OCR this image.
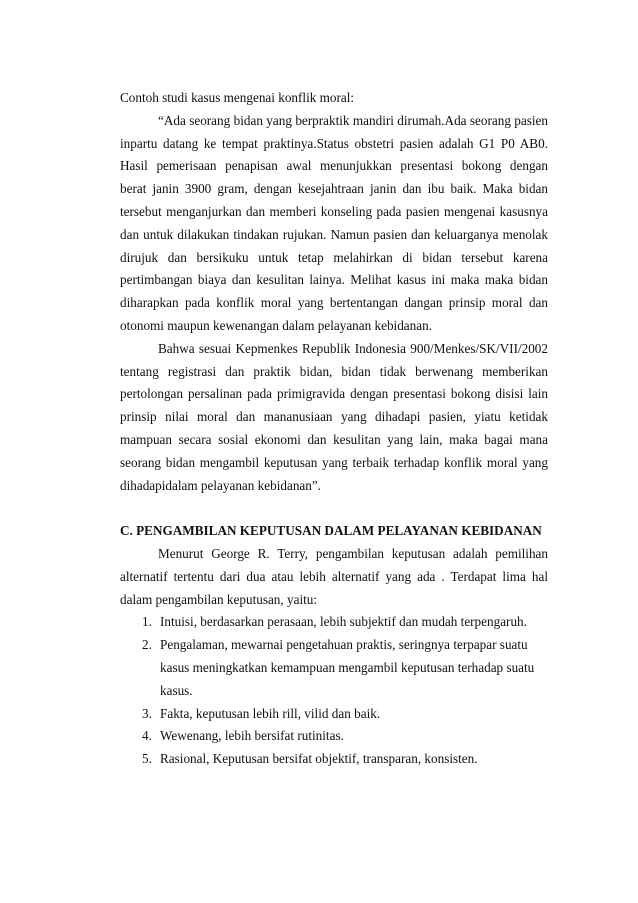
Contoh studi kasus mengenai konflik moral:
“Ada seorang bidan yang berpraktik mandiri dirumah.Ada seorang pasien
inpartu datang ke tempat praktinya.Status obstetri pasien adalah G1 P0 AB0.
Hasil pemerisaan penapisan awal menunjukkan presentasi bokong dengan
berat janin 3900 gram, dengan kesejahtraan janin dan ibu baik. Maka bidan
tersebut menganjurkan dan memberi konseling pada pasien mengenai kasusnya
dan untuk dilakukan tindakan rujukan. Namun pasien dan keluarganya menolak
dirujuk dan bersikuku untuk tetap melahirkan di bidan tersebut karena
pertimbangan biaya dan kesulitan lainya. Melihat kasus ini maka maka bidan
diharapkan pada konflik moral yang bertentangan dangan prinsip moral dan
otonomi maupun kewenangan dalam pelayanan kebidanan.
Bahwa sesuai Kepmenkes Republik Indonesia 900/Menkes/SK/VII/2002
tentang registrasi dan praktik bidan, bidan tidak berwenang memberikan
pertolongan persalinan pada primigravida dengan presentasi bokong disisi lain
prinsip nilai moral dan mananusiaan yang dihadapi pasien, yiatu ketidak
mampuan secara sosial ekonomi dan kesulitan yang lain, maka bagai mana
seorang bidan mengambil keputusan yang terbaik terhadap konflik moral yang
dihadapidalam pelayanan kebidanan”.
C. PENGAMBILAN KEPUTUSAN DALAM PELAYANAN KEBIDANAN
Menurut George R. Terry, pengambilan keputusan adalah pemilihan
alternatif tertentu dari dua atau lebih alternatif yang ada . Terdapat lima hal
dalam pengambilan keputusan, yaitu:
1. Intuisi, berdasarkan perasaan, lebih subjektif dan mudah terpengaruh.
2. Pengalaman, mewarnai pengetahuan praktis, seringnya terpapar suatu
kasus meningkatkan kemampuan mengambil keputusan terhadap suatu
kasus.
3. Fakta, keputusan lebih rill, vilid dan baik.
4. Wewenang, lebih bersifat rutinitas.
5. Rasional, Keputusan bersifat objektif, transparan, konsisten.
